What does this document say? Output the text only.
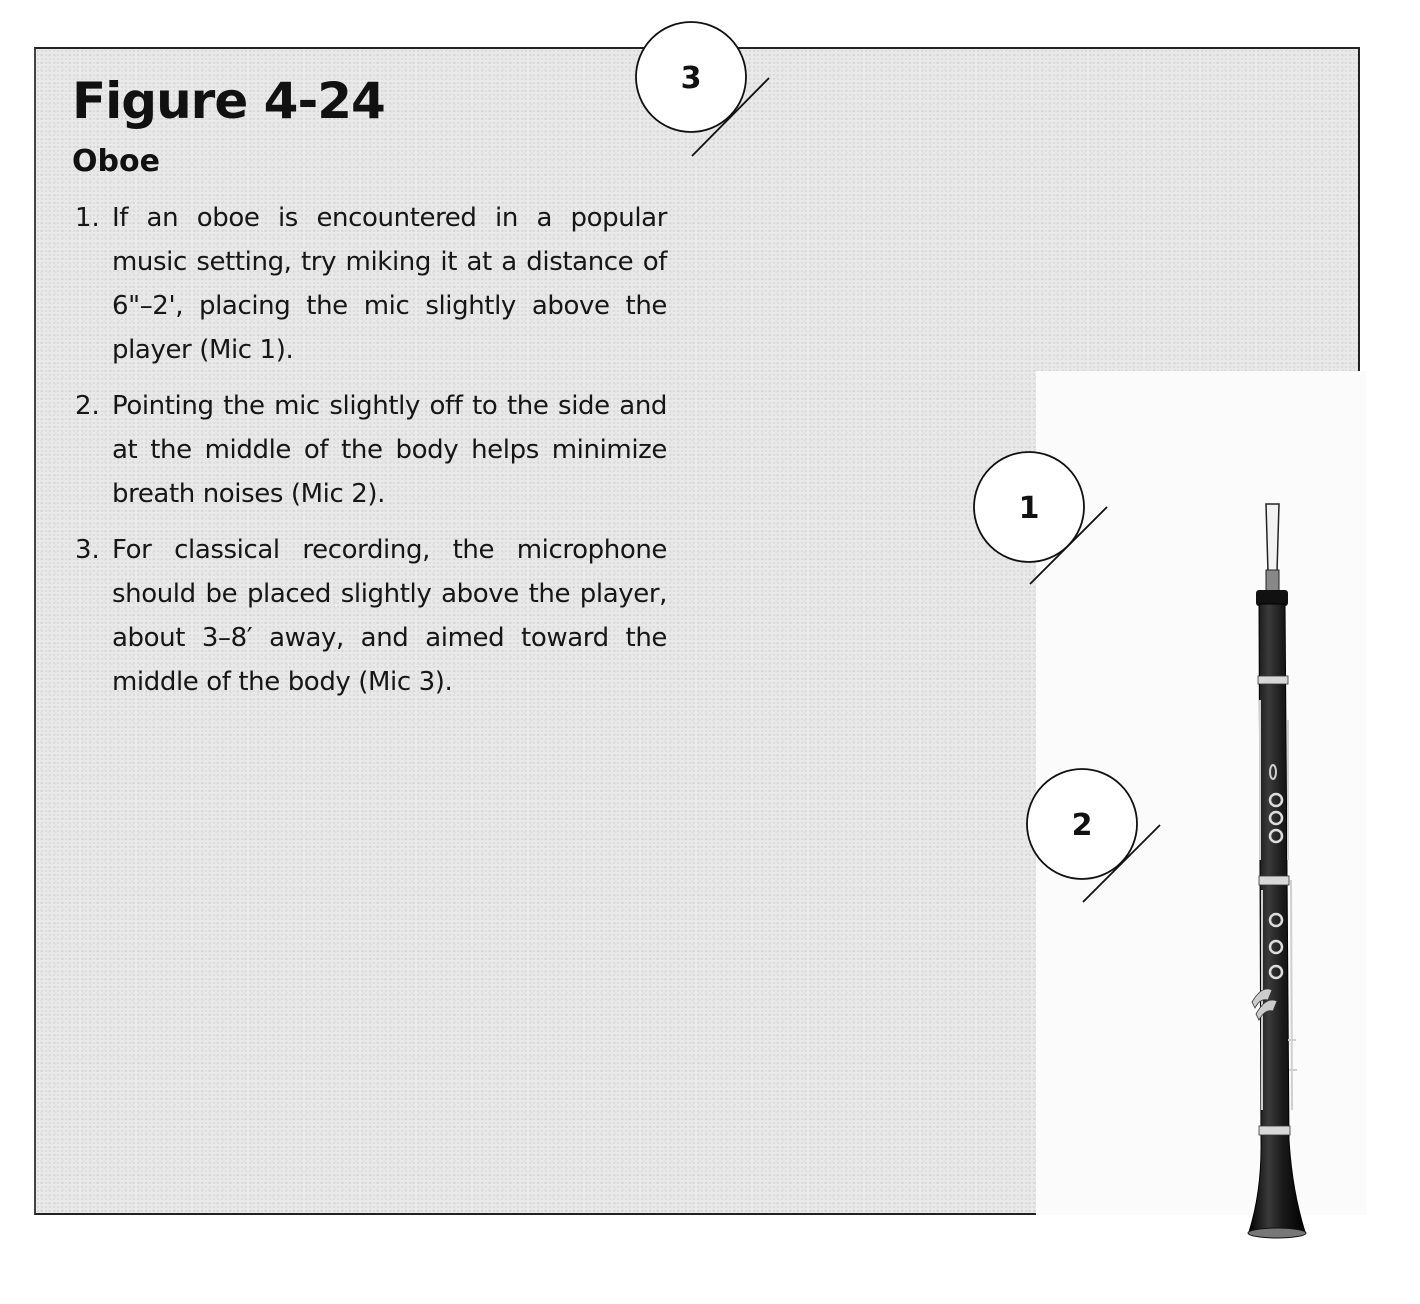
Figure 4-24
Oboe
1. If an oboe is encountered in a popular music setting, try miking it at a distance of 6"–2', placing the mic slightly above the player (Mic 1).
2. Pointing the mic slightly off to the side and at the middle of the body helps minimize breath noises (Mic 2).
3. For classical recording, the microphone should be placed slightly above the player, about 3–8′ away, and aimed toward the middle of the body (Mic 3).
3
1
2
